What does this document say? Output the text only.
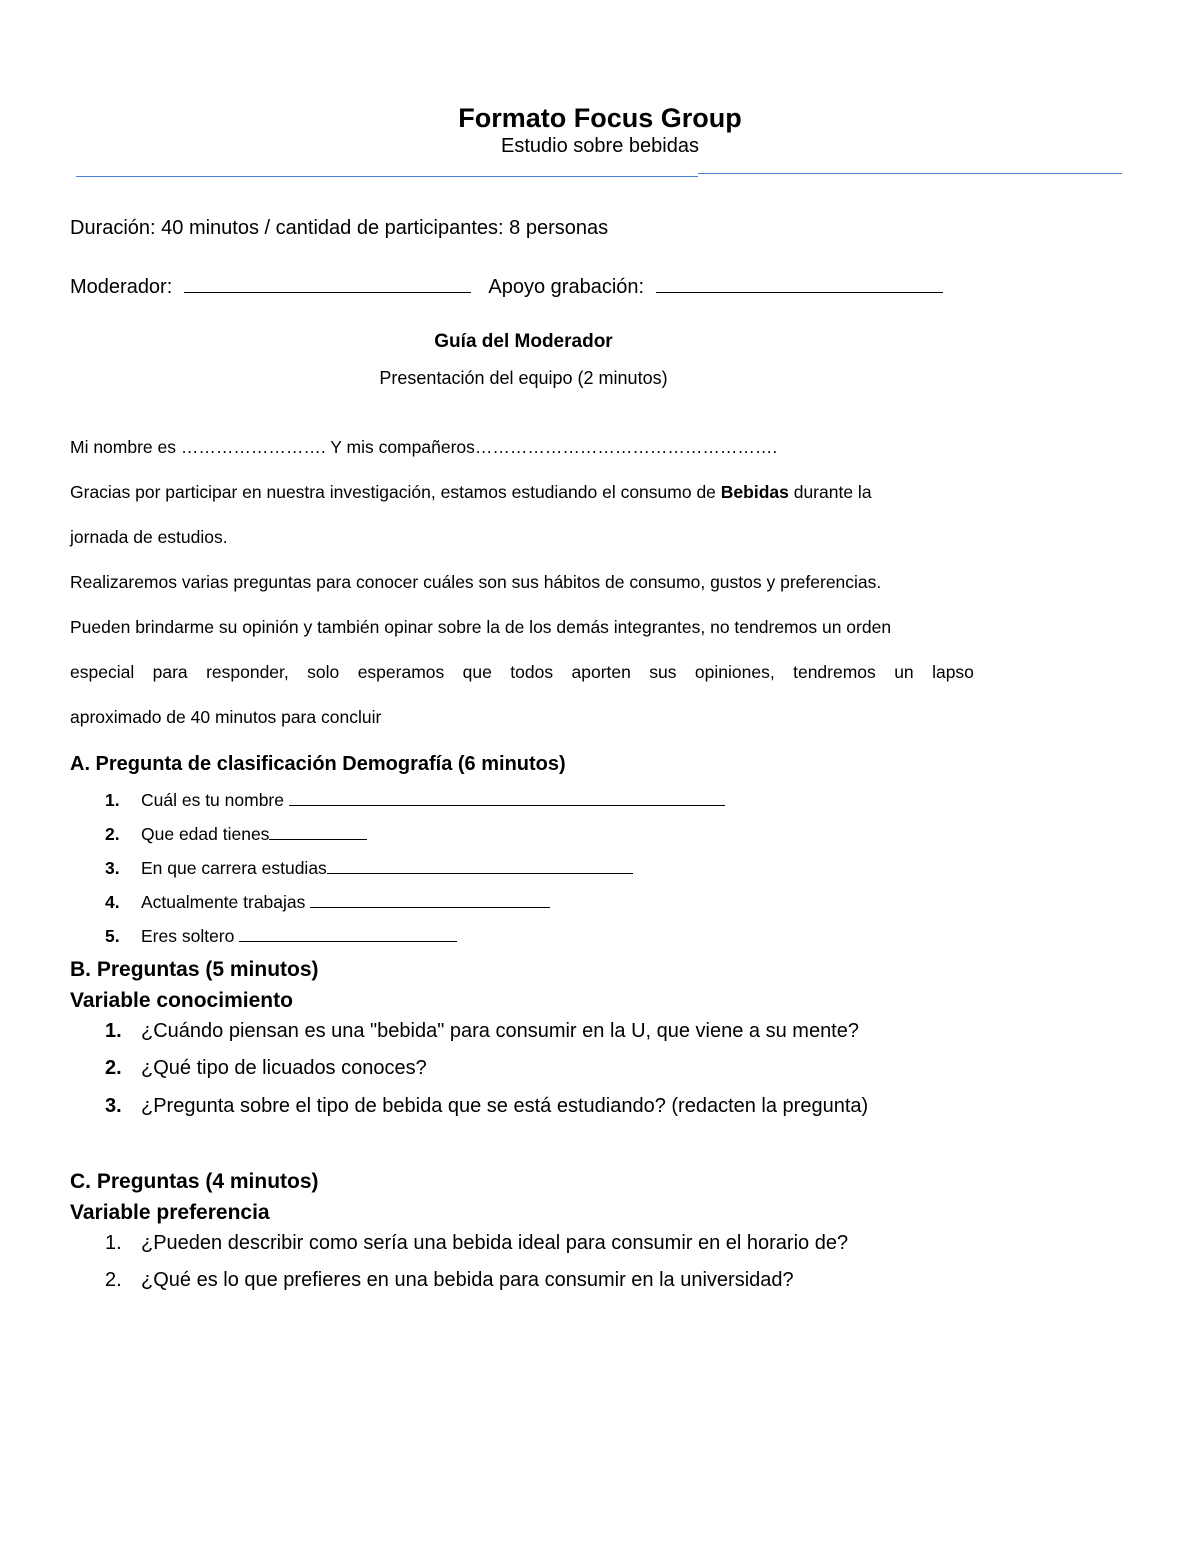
Formato Focus Group
Estudio sobre bebidas
Duración: 40 minutos / cantidad de participantes: 8 personas
Moderador:	Apoyo grabación:
Guía del Moderador
Presentación del equipo (2 minutos)
Mi nombre es ……………………. Y mis compañeros…………………………………………….
Gracias por participar en nuestra investigación, estamos estudiando el consumo de Bebidas durante la
jornada de estudios.
Realizaremos varias preguntas para conocer cuáles son sus hábitos de consumo, gustos y preferencias.
Pueden brindarme su opinión y también opinar sobre la de los demás integrantes, no tendremos un orden
especial para responder, solo esperamos que todos aporten sus opiniones, tendremos un lapso
aproximado de 40 minutos para concluir
A. Pregunta de clasificación Demografía (6 minutos)
1. Cuál es tu nombre
2. Que edad tienes
3. En que carrera estudias
4. Actualmente trabajas
5. Eres soltero
B. Preguntas (5 minutos)
Variable conocimiento
1. ¿Cuándo piensan es una "bebida" para consumir en la U, que viene a su mente?
2. ¿Qué tipo de licuados conoces?
3. ¿Pregunta sobre el tipo de bebida que se está estudiando? (redacten la pregunta)
C. Preguntas (4 minutos)
Variable preferencia
1. ¿Pueden describir como sería una bebida ideal para consumir en el horario de?
2. ¿Qué es lo que prefieres en una bebida para consumir en la universidad?
